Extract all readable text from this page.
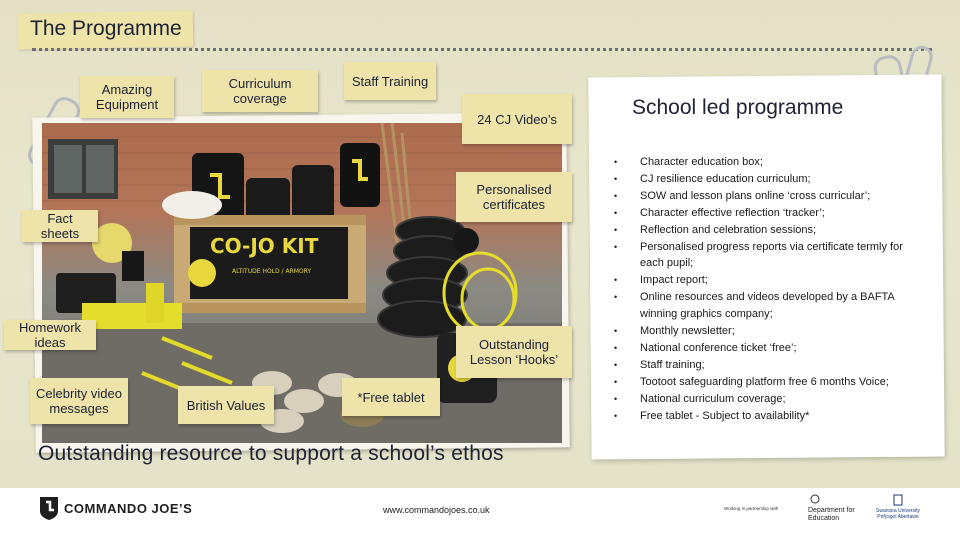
The Programme
CO-JO KIT
ALTITUDE HOLD / ARMORY
Amazing Equipment
Curriculum coverage
Staff Training
24 CJ Video’s
Personalised certificates
Fact sheets
Homework ideas	Outstanding Lesson ‘Hooks’
Celebrity video messages	British Values
*Free tablet
School led programme
• Character education box;
• CJ resilience education curriculum;
• SOW and lesson plans online ‘cross curricular’;
• Character effective reflection ‘tracker’;
• Reflection and celebration sessions;
• Personalised progress reports via certificate termly for each pupil;
• Impact report;
• Online resources and videos developed by a BAFTA winning graphics company;
• Monthly newsletter;
• National conference ticket ‘free’;
• Staff training;
• Tootoot safeguarding platform free 6 months Voice;
• National curriculum coverage;
• Free tablet - Subject to availability*
Outstanding resource to support a school’s ethos
COMMANDO JOE’S	www.commandojoes.co.uk	Working in partnership with	Department for Education
Swansea University Prifysgol Abertawe
